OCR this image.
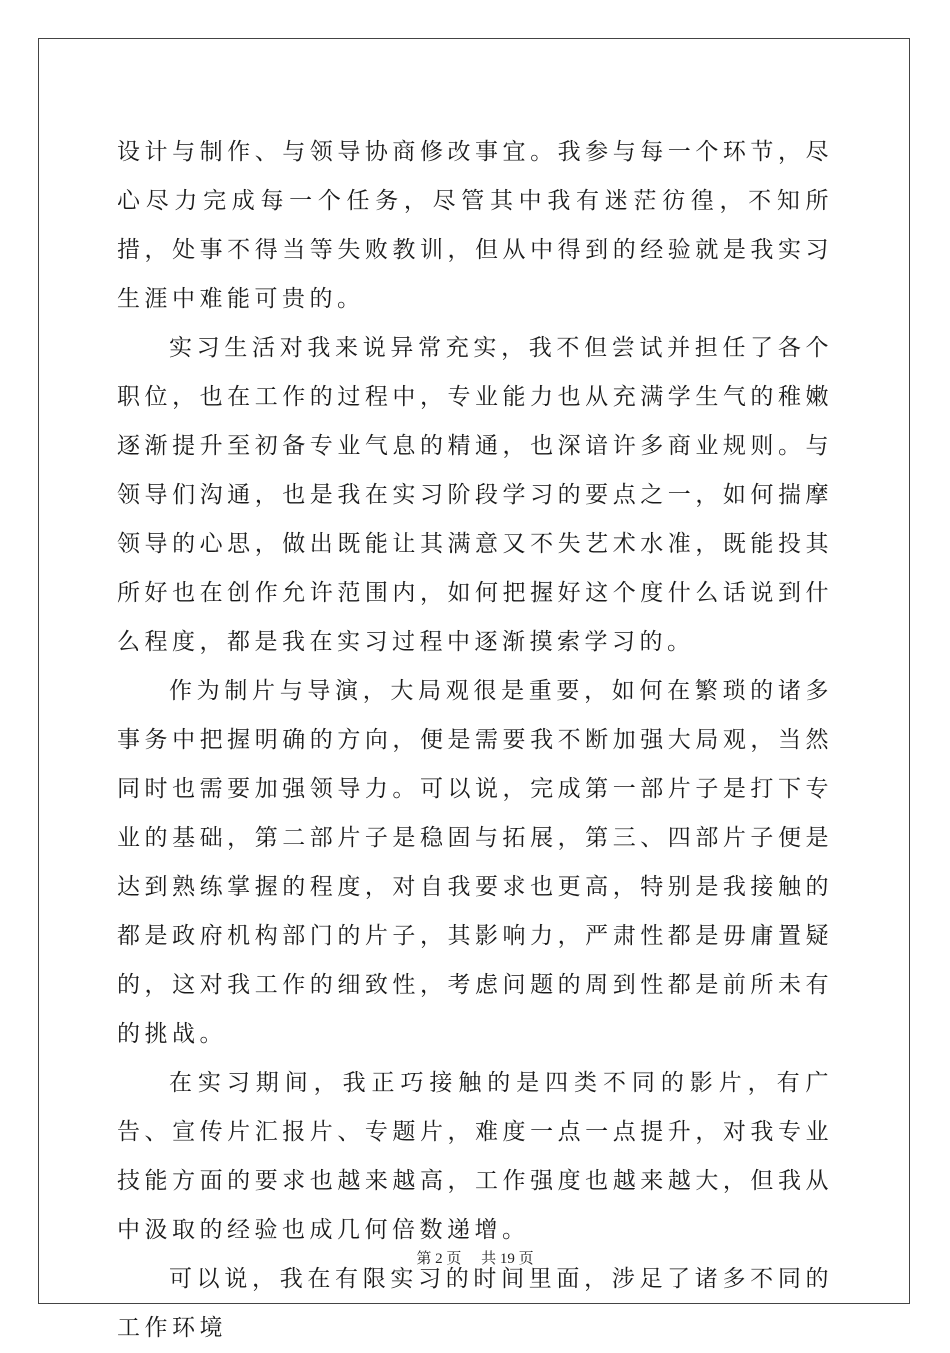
设计与制作、与领导协商修改事宜。我参与每一个环节，尽心尽力完成每一个任务，尽管其中我有迷茫彷徨，不知所措，处事不得当等失败教训，但从中得到的经验就是我实习生涯中难能可贵的。

实习生活对我来说异常充实，我不但尝试并担任了各个职位，也在工作的过程中，专业能力也从充满学生气的稚嫩逐渐提升至初备专业气息的精通，也深谙许多商业规则。与领导们沟通，也是我在实习阶段学习的要点之一，如何揣摩领导的心思，做出既能让其满意又不失艺术水准，既能投其所好也在创作允许范围内，如何把握好这个度什么话说到什么程度，都是我在实习过程中逐渐摸索学习的。

作为制片与导演，大局观很是重要，如何在繁琐的诸多事务中把握明确的方向，便是需要我不断加强大局观，当然同时也需要加强领导力。可以说，完成第一部片子是打下专业的基础，第二部片子是稳固与拓展，第三、四部片子便是达到熟练掌握的程度，对自我要求也更高，特别是我接触的都是政府机构部门的片子，其影响力，严肃性都是毋庸置疑的，这对我工作的细致性，考虑问题的周到性都是前所未有的挑战。

在实习期间，我正巧接触的是四类不同的影片，有广告、宣传片汇报片、专题片，难度一点一点提升，对我专业技能方面的要求也越来越高，工作强度也越来越大，但我从中汲取的经验也成几何倍数递增。

可以说，我在有限实习的时间里面，涉足了诸多不同的工作环境

第 2 页 共 19 页
